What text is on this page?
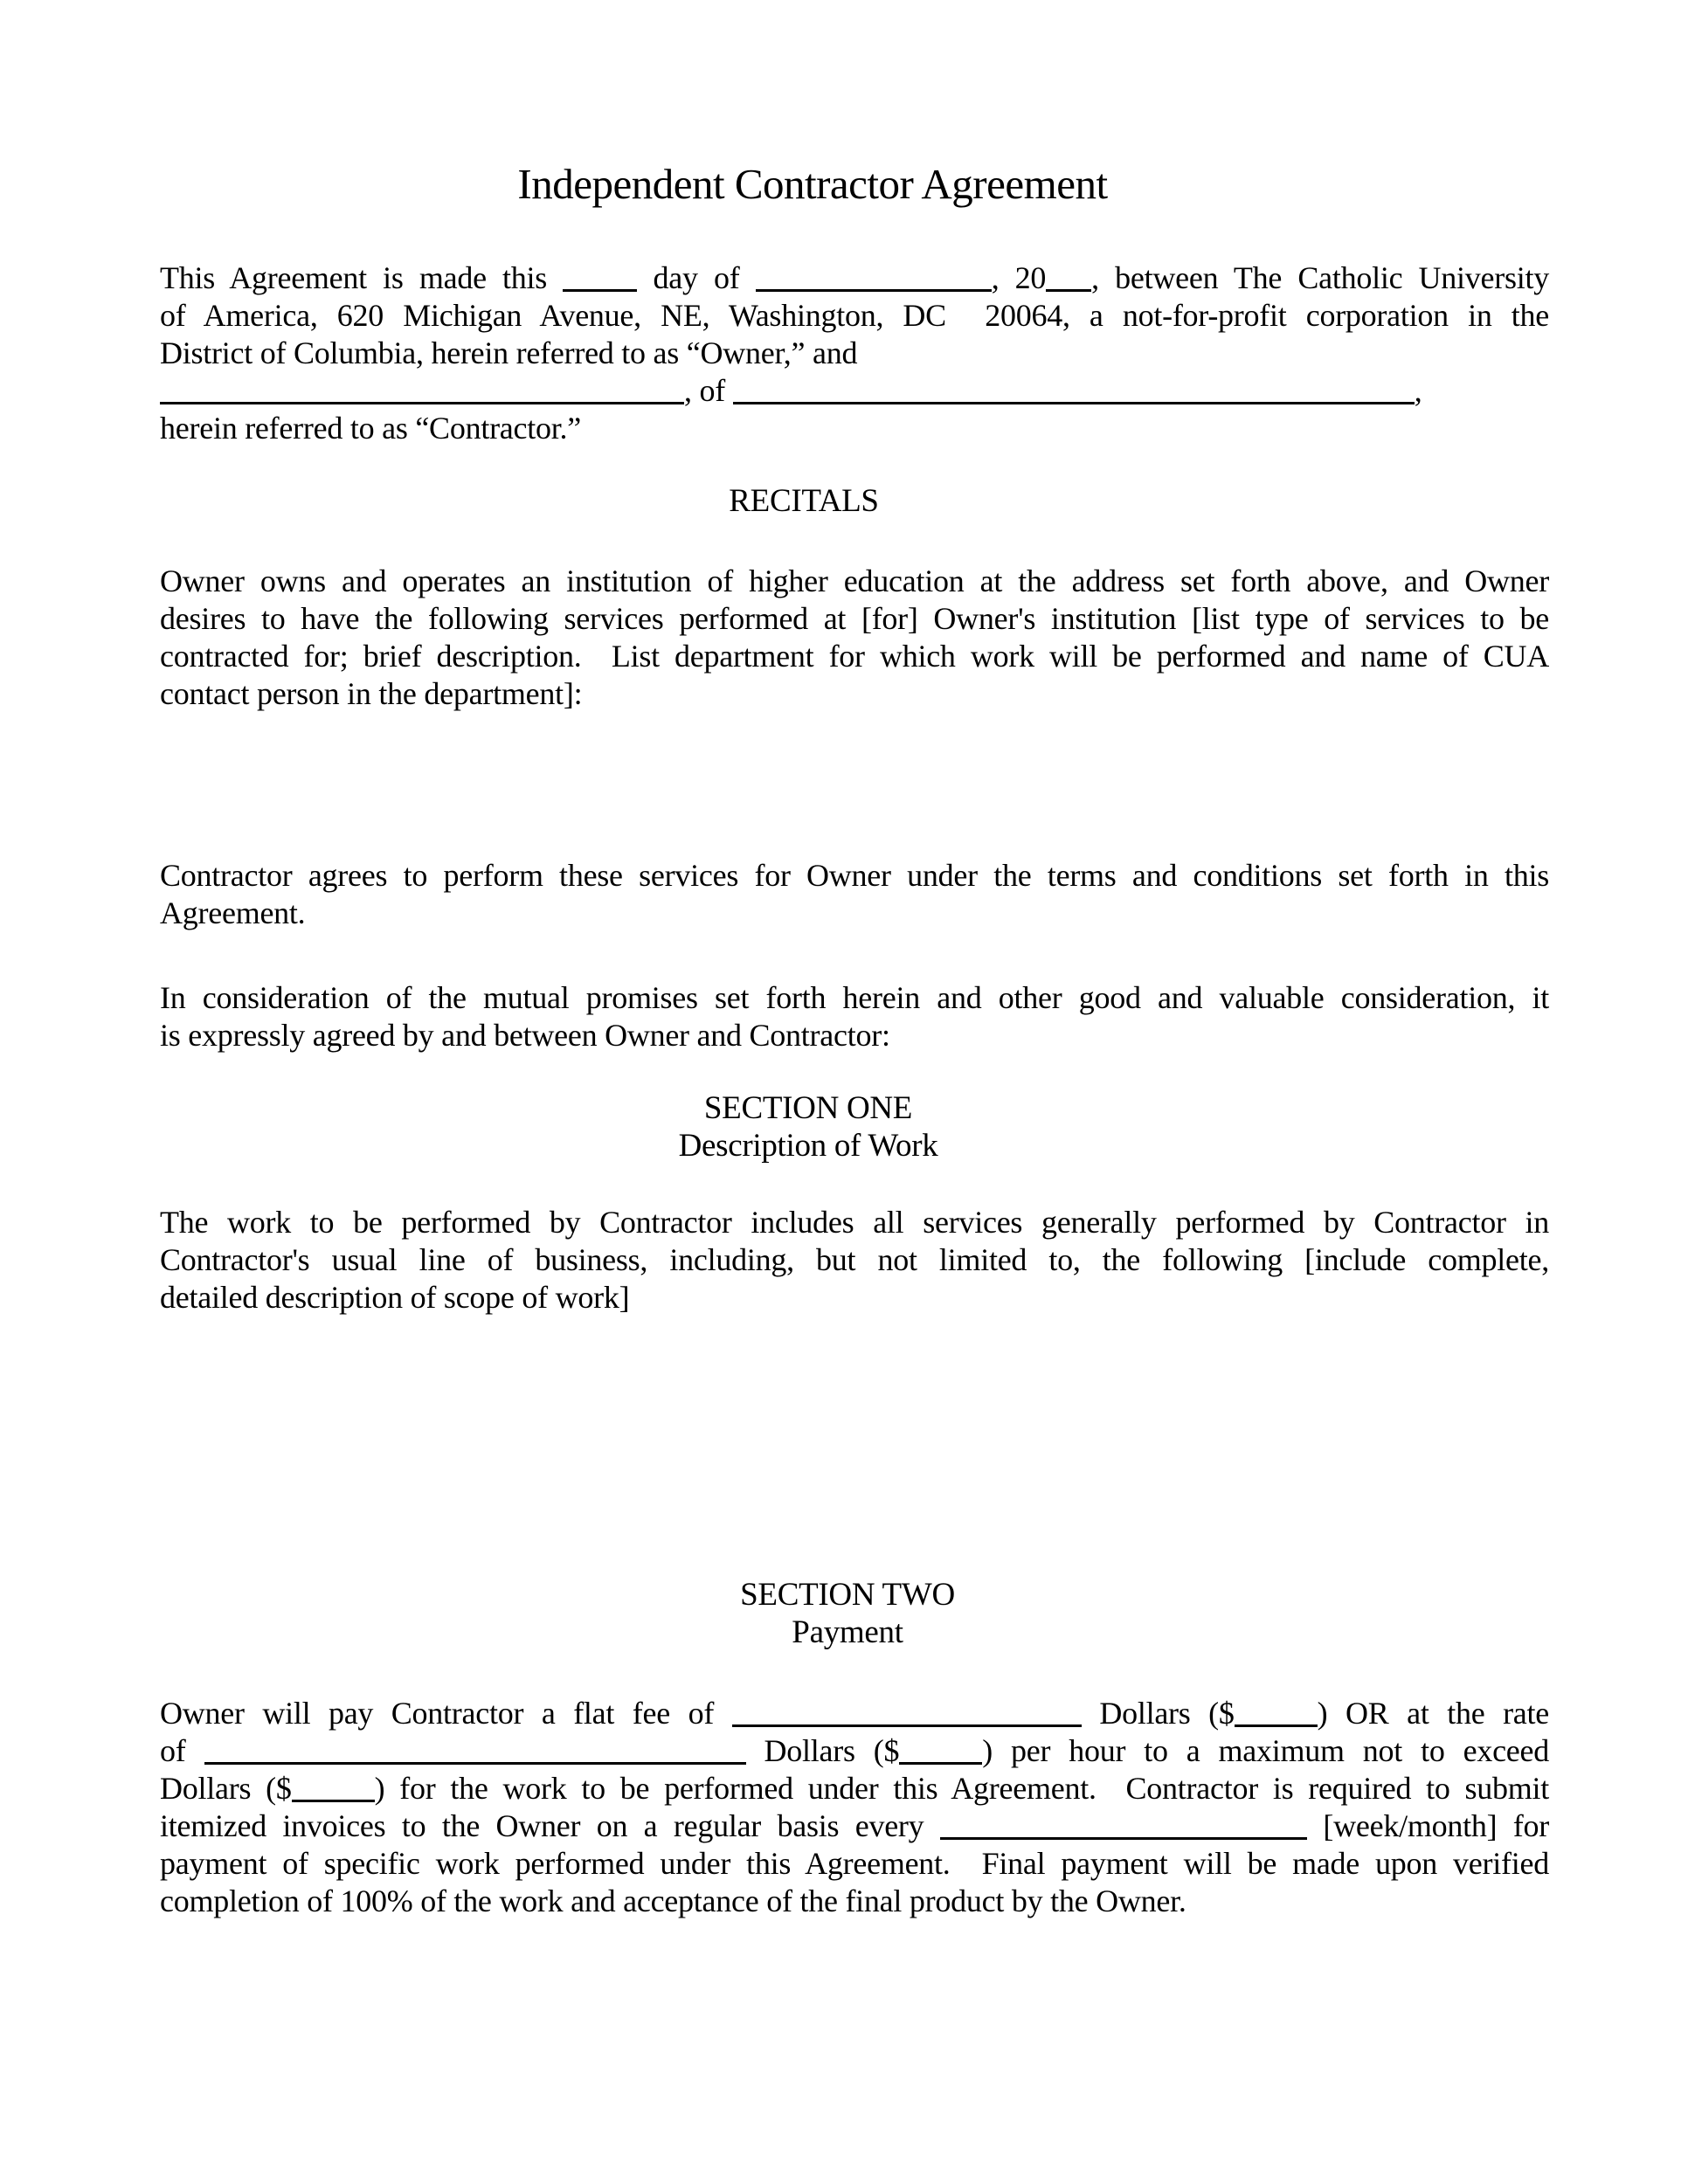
Independent Contractor Agreement
This Agreement is made this  day of	, 20 , between The Catholic University
of America, 620 Michigan Avenue, NE, Washington, DC  20064, a not-for-profit corporation in the
District of Columbia, herein referred to as “Owner,” and
, of	,
herein referred to as “Contractor.”
RECITALS
Owner owns and operates an institution of higher education at the address set forth above, and Owner
desires to have the following services performed at [for] Owner's institution [list type of services to be
contracted for; brief description.  List department for which work will be performed and name of CUA
contact person in the department]:
Contractor agrees to perform these services for Owner under the terms and conditions set forth in this
Agreement.
In consideration of the mutual promises set forth herein and other good and valuable consideration, it
is expressly agreed by and between Owner and Contractor:
SECTION ONE
Description of Work
The work to be performed by Contractor includes all services generally performed by Contractor in
Contractor's usual line of business, including, but not limited to, the following [include complete,
detailed description of scope of work]
SECTION TWO
Payment
Owner will pay Contractor a flat fee of	Dollars ($	) OR at the rate
of	Dollars ($	) per hour to a maximum not to exceed
Dollars ($	) for the work to be performed under this Agreement.  Contractor is required to submit
itemized invoices to the Owner on a regular basis every	[week/month] for
payment of specific work performed under this Agreement.  Final payment will be made upon verified
completion of 100% of the work and acceptance of the final product by the Owner.
